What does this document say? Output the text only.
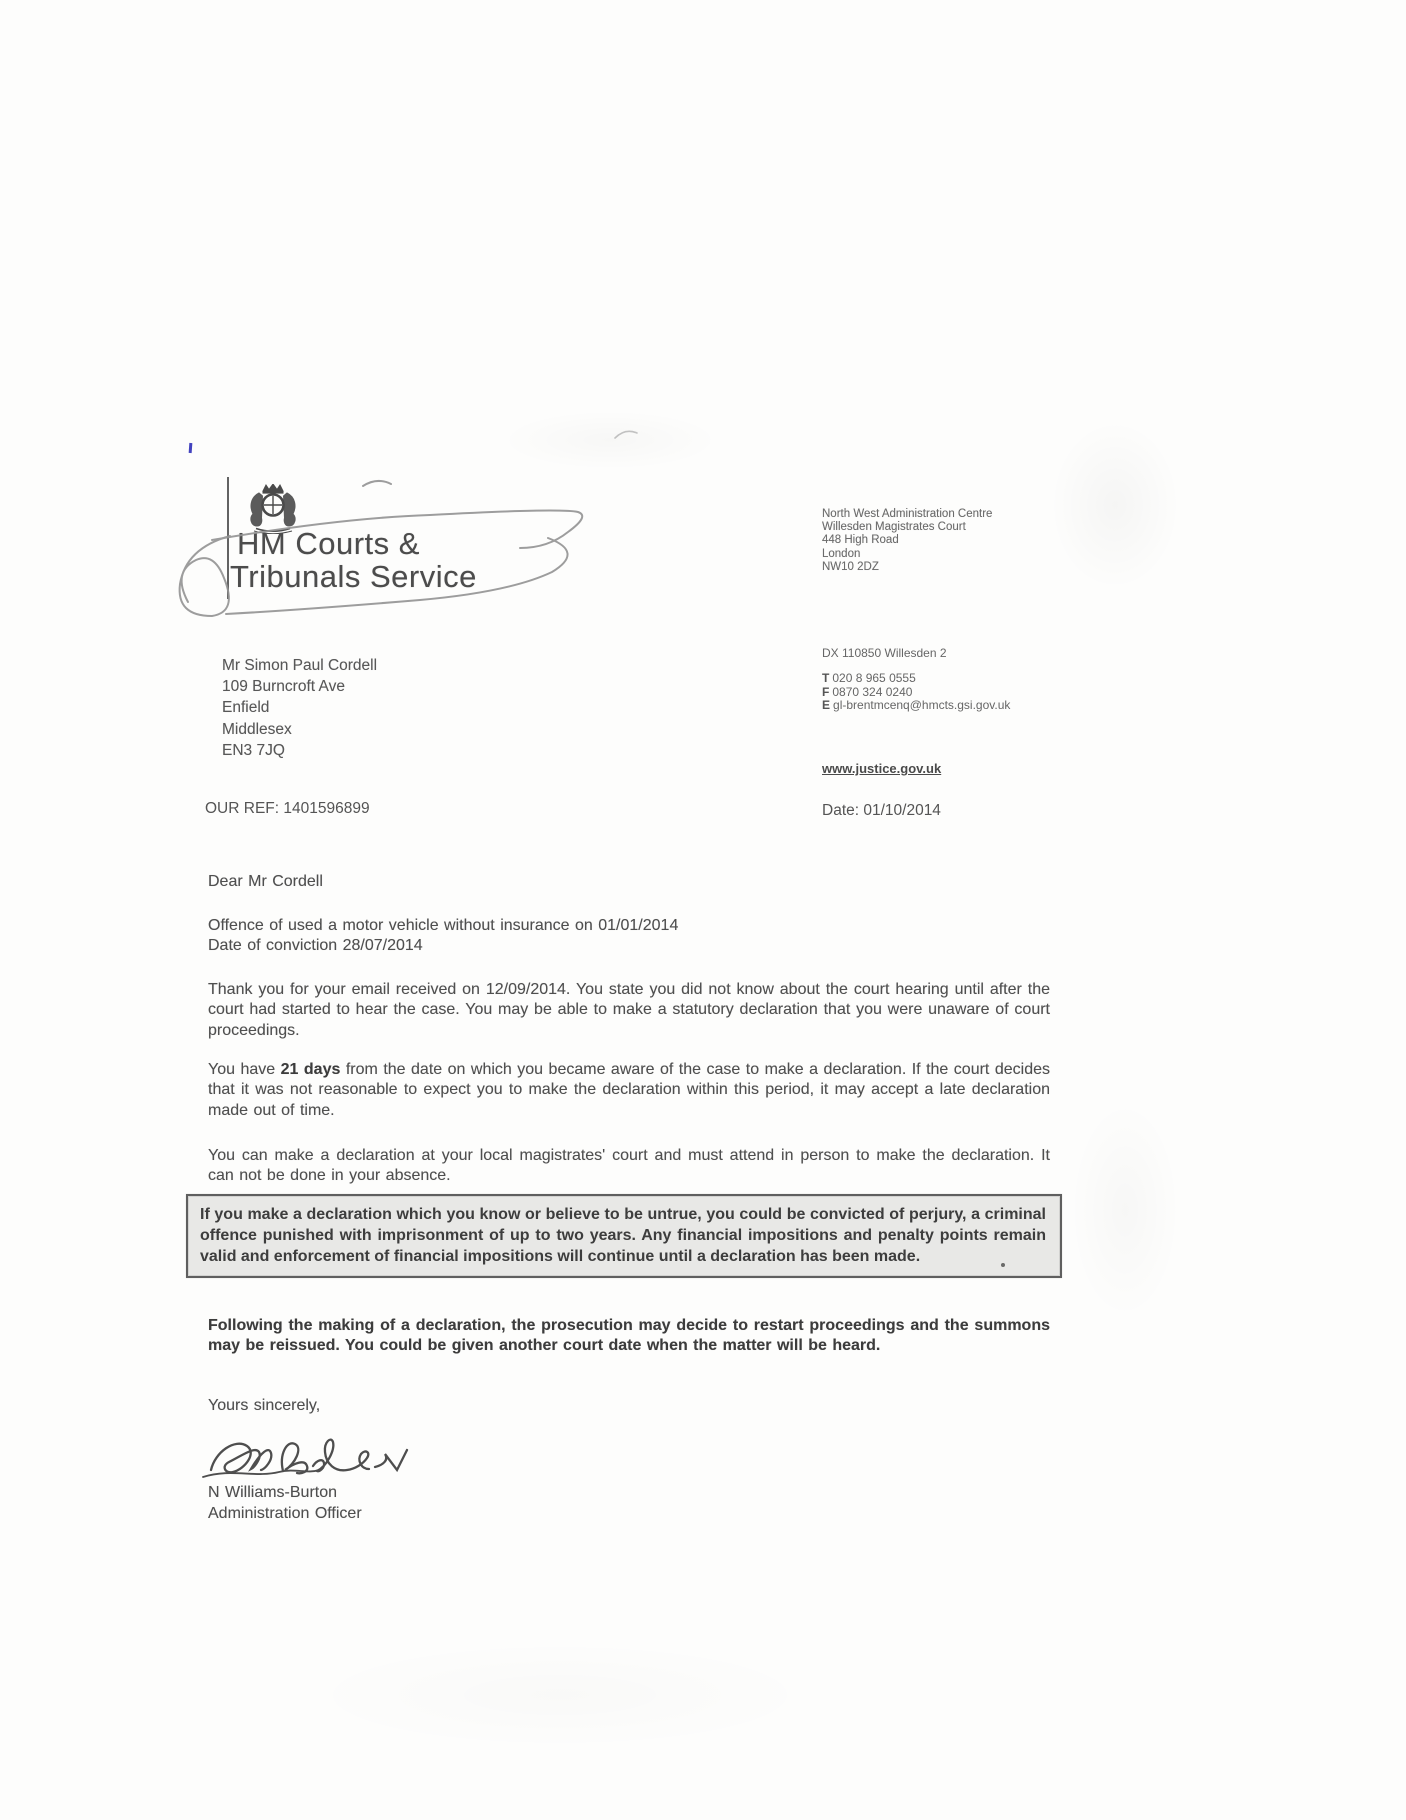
HM Courts &
Tribunals Service
North West Administration Centre
Willesden Magistrates Court
448 High Road
London
NW10 2DZ
DX 110850 Willesden 2
T 020 8 965 0555
F 0870 324 0240
E gl-brentmcenq@hmcts.gsi.gov.uk
www.justice.gov.uk
Mr Simon Paul Cordell
109 Burncroft Ave
Enfield
Middlesex
EN3 7JQ
OUR REF: 1401596899	Date: 01/10/2014
Dear Mr Cordell
Offence of used a motor vehicle without insurance on 01/01/2014
Date of conviction 28/07/2014
Thank you for your email received on 12/09/2014. You state you did not know about the court hearing until after the court had started to hear the case. You may be able to make a statutory declaration that you were unaware of court proceedings.
You have 21 days from the date on which you became aware of the case to make a declaration. If the court decides that it was not reasonable to expect you to make the declaration within this period, it may accept a late declaration made out of time.
You can make a declaration at your local magistrates' court and must attend in person to make the declaration. It can not be done in your absence.
If you make a declaration which you know or believe to be untrue, you could be convicted of perjury, a criminal offence punished with imprisonment of up to two years. Any financial impositions and penalty points remain valid and enforcement of financial impositions will continue until a declaration has been made.
Following the making of a declaration, the prosecution may decide to restart proceedings and the summons may be reissued. You could be given another court date when the matter will be heard.
Yours sincerely,
N Williams-Burton
Administration Officer
